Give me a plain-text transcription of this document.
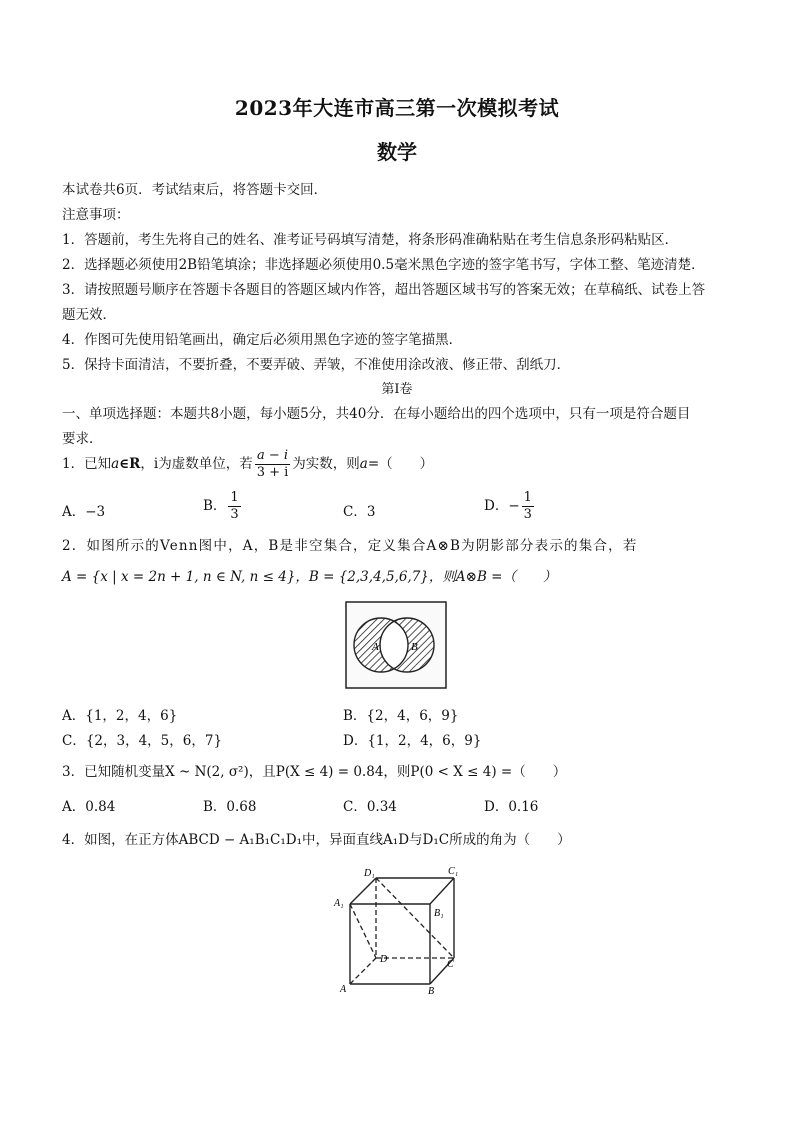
2023年大连市高三第一次模拟考试
数学
本试卷共6页．考试结束后，将答题卡交回．
注意事项：
1．答题前，考生先将自己的姓名、准考证号码填写清楚，将条形码准确粘贴在考生信息条形码粘贴区．
2．选择题必须使用2B铅笔填涂；非选择题必须使用0.5毫米黑色字迹的签字笔书写，字体工整、笔迹清楚．
3．请按照题号顺序在答题卡各题目的答题区域内作答，超出答题区域书写的答案无效；在草稿纸、试卷上答
题无效．
4．作图可先使用铅笔画出，确定后必须用黑色字迹的签字笔描黑．
5．保持卡面清洁，不要折叠，不要弄破、弄皱，不准使用涂改液、修正带、刮纸刀．
第I卷
一、单项选择题：本题共8小题，每小题5分，共40分．在每小题给出的四个选项中，只有一项是符合题目
要求．
1．已知a∈R，i为虚数单位，若 $\frac{a - i}{3 + i}$ 为实数，则a=（　　）
A．−3	B． $\frac{1}{3}$	C．3	D．− $\frac{1}{3}$
2．如图所示的Venn图中，A，B是非空集合，定义集合A⊗B为阴影部分表示的集合，若
A = {x | x = 2n + 1, n ∈ N, n ≤ 4}，B = {2,3,4,5,6,7}，则A⊗B =（　　）
A	B
A．{1，2，4，6}	B．{2，4，6，9}
C．{2，3，4，5，6，7}	D．{1，2，4，6，9}
3．已知随机变量X ~ N(2, σ²)，且P(X ≤ 4) = 0.84，则P(0 < X ≤ 4) =（　　）
A．0.84	B．0.68	C．0.34	D．0.16
4．如图，在正方体ABCD − A₁B₁C₁D₁中，异面直线A₁D与D₁C所成的角为（　　）
D₁	C₁
A₁
B₁
D	C
A	B
